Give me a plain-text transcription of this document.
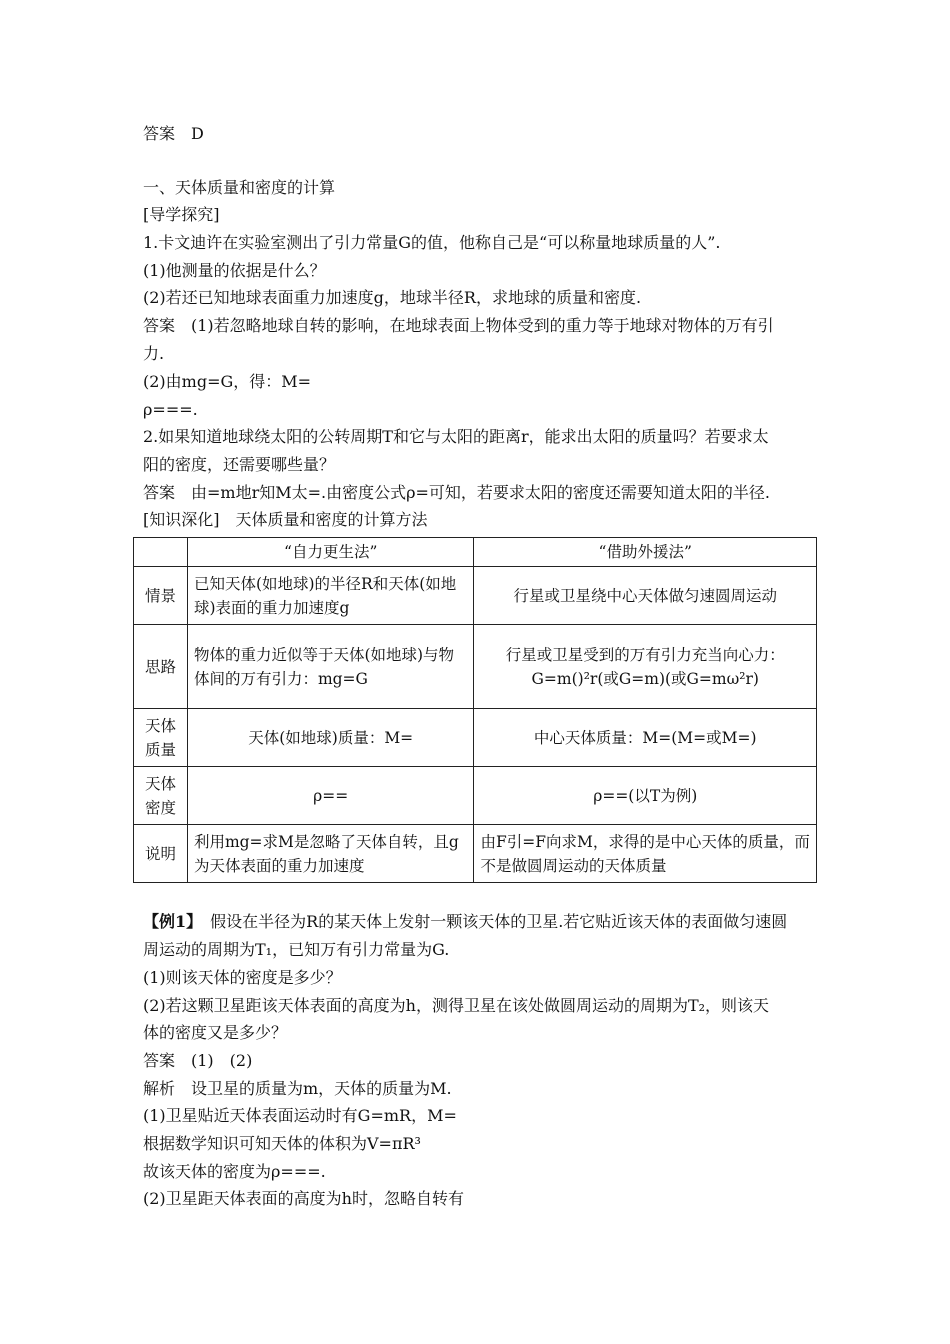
答案　D
一、天体质量和密度的计算
[导学探究]
1.卡文迪许在实验室测出了引力常量G的值，他称自己是“可以称量地球质量的人”.
(1)他测量的依据是什么？
(2)若还已知地球表面重力加速度g，地球半径R，求地球的质量和密度.
答案　(1)若忽略地球自转的影响，在地球表面上物体受到的重力等于地球对物体的万有引
力.
(2)由mg=G，得：M=
ρ===.
2.如果知道地球绕太阳的公转周期T和它与太阳的距离r，能求出太阳的质量吗？若要求太
阳的密度，还需要哪些量？
答案　由=m地r知M太=.由密度公式ρ=可知，若要求太阳的密度还需要知道太阳的半径.
[知识深化]　天体质量和密度的计算方法
	“自力更生法”	“借助外援法”
情景	已知天体(如地球)的半径R和天体(如地球)表面的重力加速度g	行星或卫星绕中心天体做匀速圆周运动
思路	物体的重力近似等于天体(如地球)与物体间的万有引力：mg=G	行星或卫星受到的万有引力充当向心力：G=m()²r(或G=m)(或G=mω²r)
天体质量	天体(如地球)质量：M=	中心天体质量：M=(M=或M=)
天体密度	ρ==	ρ==(以T为例)
说明	利用mg=求M是忽略了天体自转，且g为天体表面的重力加速度	由F引=F向求M，求得的是中心天体的质量，而不是做圆周运动的天体质量
【例1】　假设在半径为R的某天体上发射一颗该天体的卫星.若它贴近该天体的表面做匀速圆
周运动的周期为T₁，已知万有引力常量为G.
(1)则该天体的密度是多少？
(2)若这颗卫星距该天体表面的高度为h，测得卫星在该处做圆周运动的周期为T₂，则该天
体的密度又是多少？
答案　(1)　(2)
解析　设卫星的质量为m，天体的质量为M.
(1)卫星贴近天体表面运动时有G=mR，M=
根据数学知识可知天体的体积为V=πR³
故该天体的密度为ρ===.
(2)卫星距天体表面的高度为h时，忽略自转有
